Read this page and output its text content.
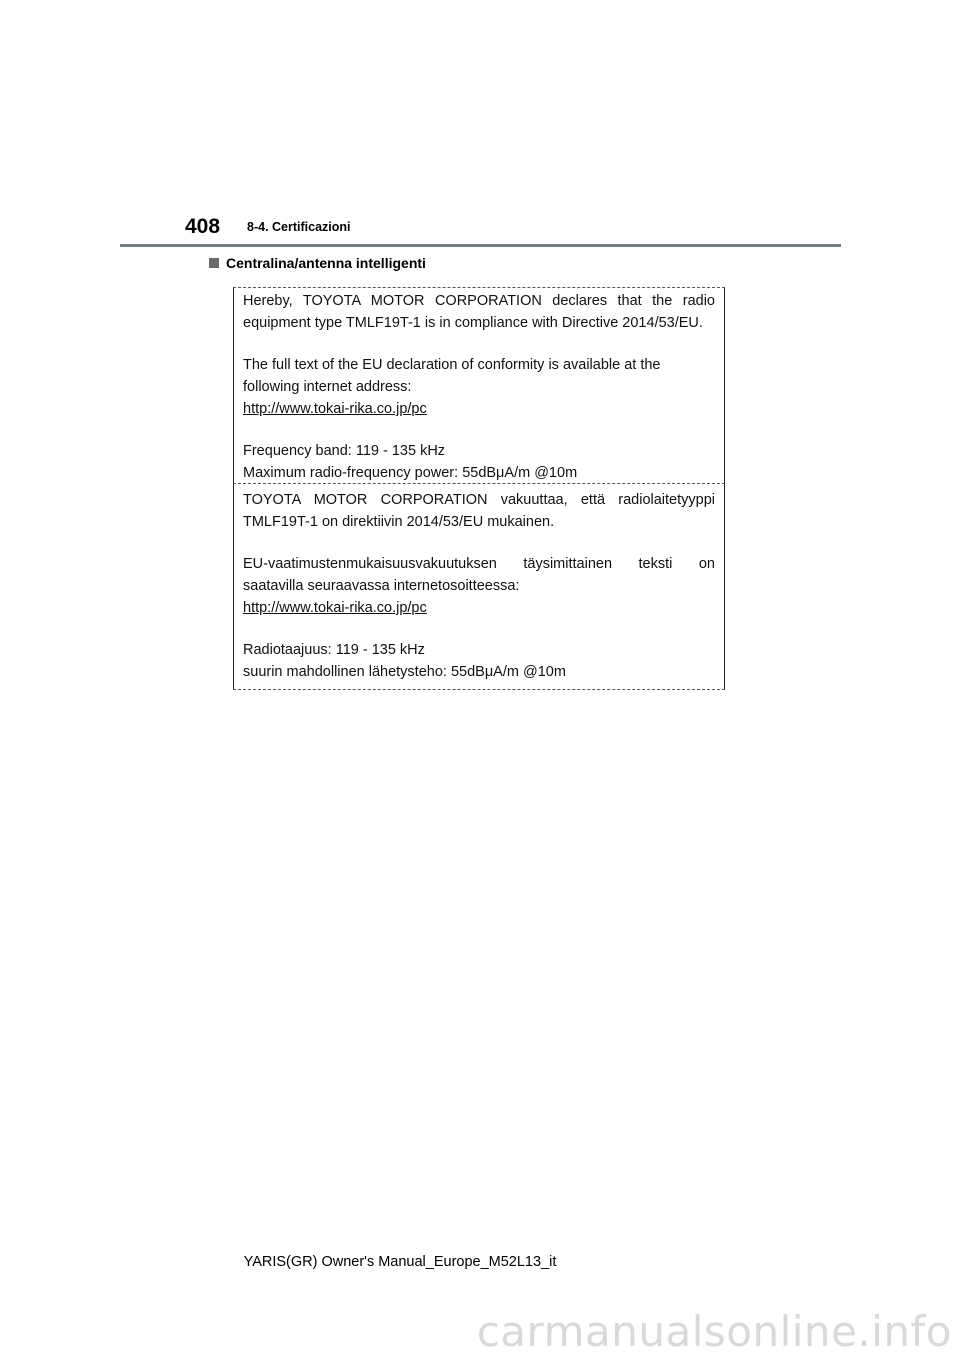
408 8-4. Certificazioni
Centralina/antenna intelligenti

Hereby, TOYOTA MOTOR CORPORATION declares that the radio

equipment type TMLF19T-1 is in compliance with Directive 2014/53/EU.

The full text of the EU declaration of conformity is available at the

following internet address:

http://www.tokai-rika.co.jp/pc

Frequency band: 119 - 135 kHz

Maximum radio-frequency power: 55dBμA/m @10m

TOYOTA MOTOR CORPORATION vakuuttaa, että radiolaitetyyppi

TMLF19T-1 on direktiivin 2014/53/EU mukainen.

EU-vaatimustenmukaisuusvakuutuksen täysimittainen teksti on

saatavilla seuraavassa internetosoitteessa:

http://www.tokai-rika.co.jp/pc

Radiotaajuus: 119 - 135 kHz

suurin mahdollinen lähetysteho: 55dBμA/m @10m

YARIS(GR) Owner's Manual_Europe_M52L13_it
carmanualsonline.info
